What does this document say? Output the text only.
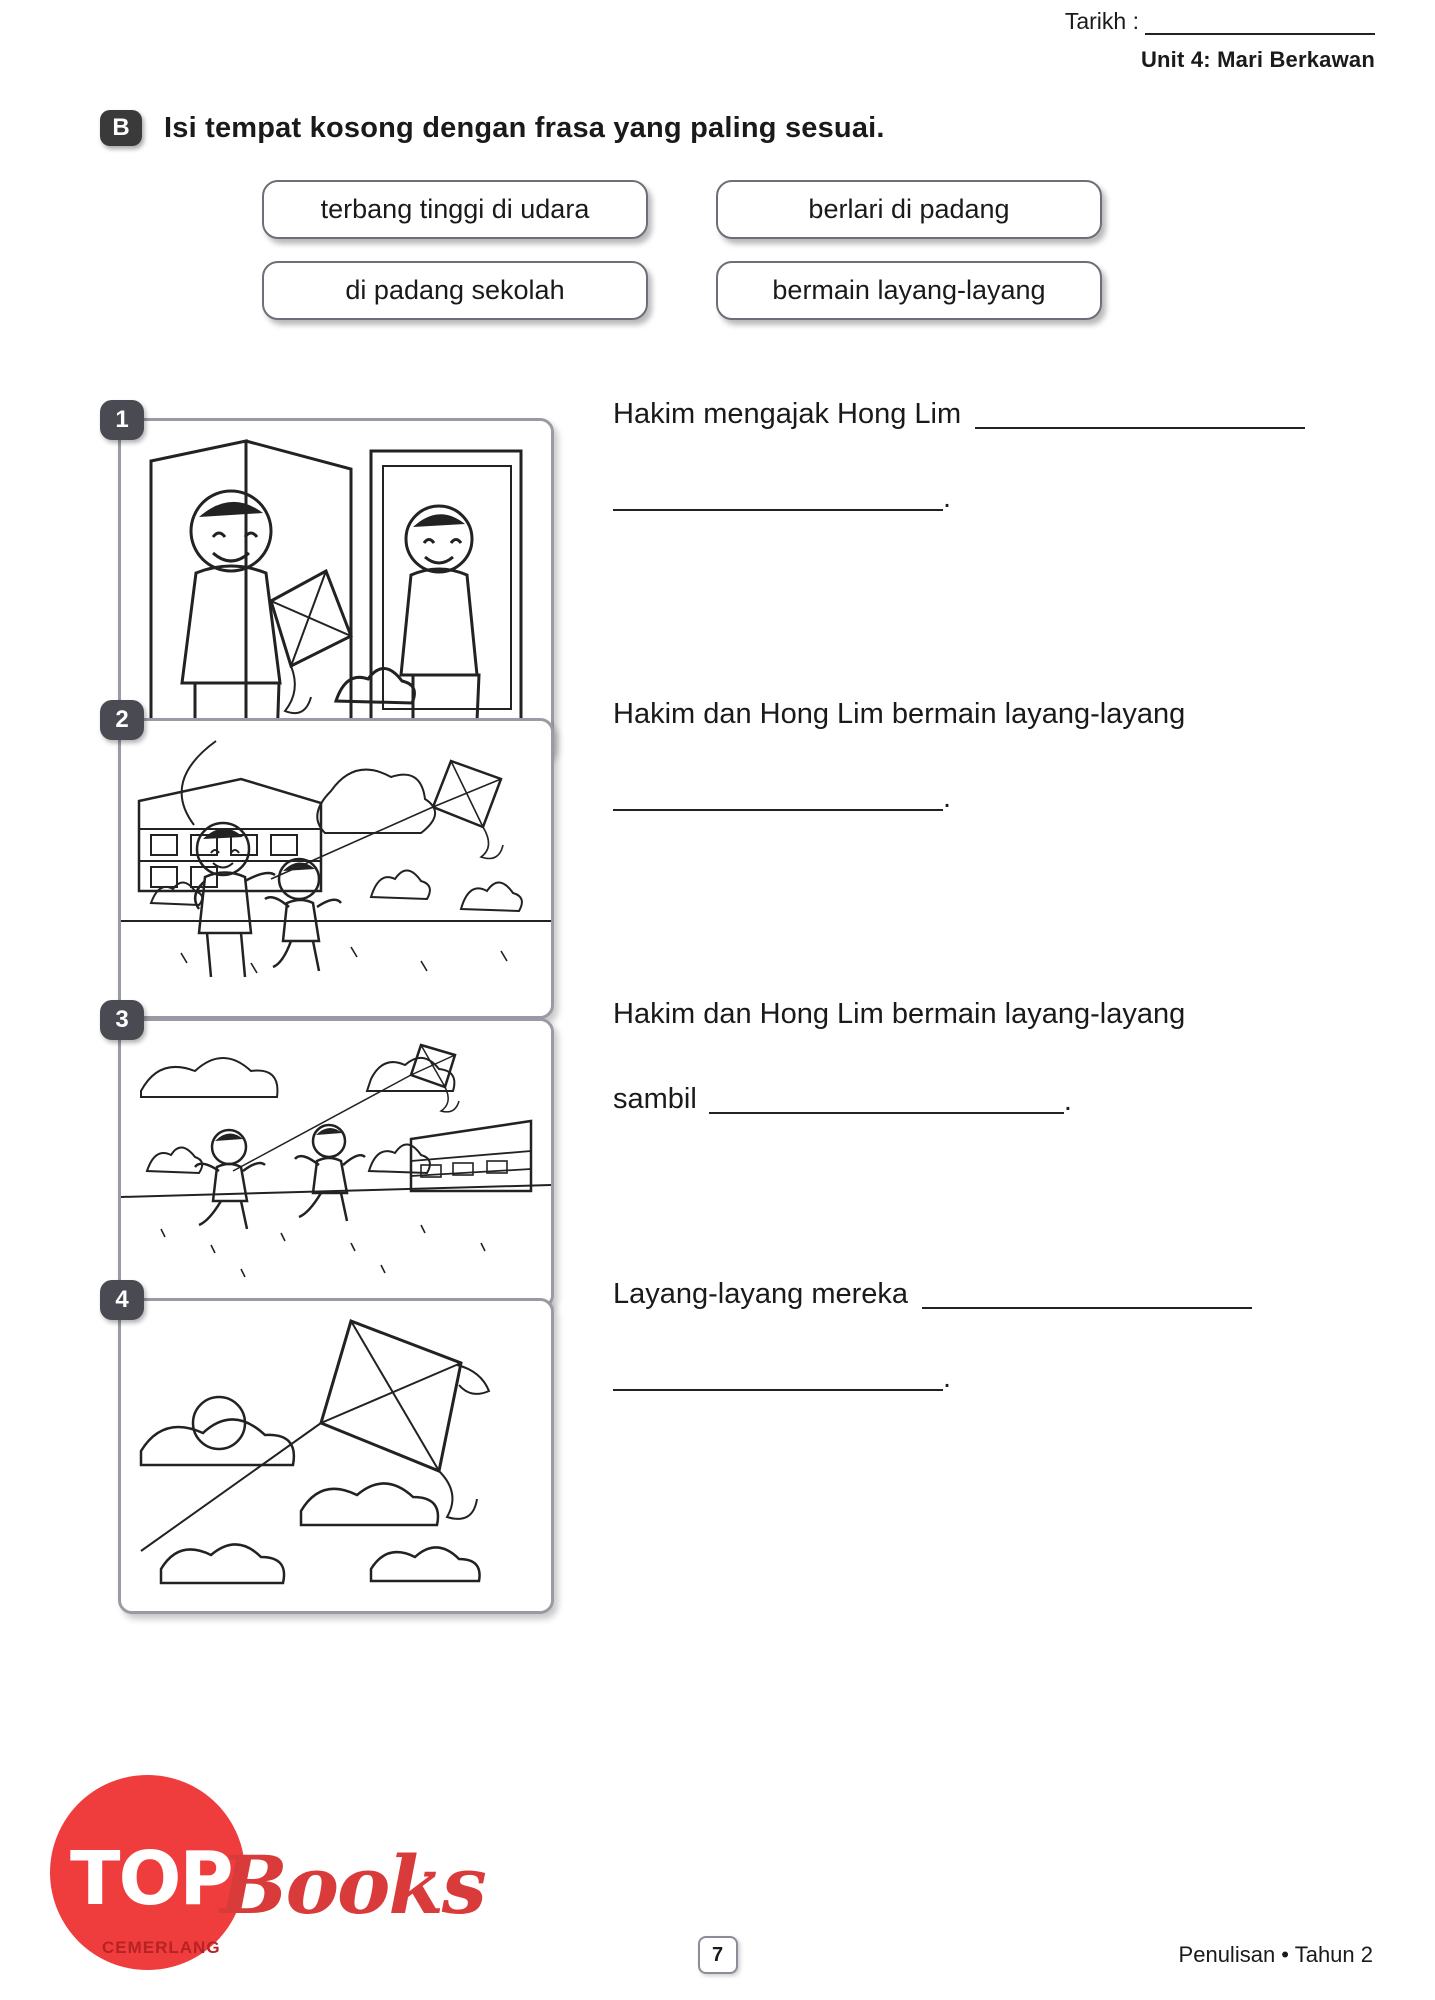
Tarikh :
Unit 4: Mari Berkawan
B	Isi tempat kosong dengan frasa yang paling sesuai.
terbang tinggi di udara	berlari di padang
di padang sekolah	bermain layang-layang
1	Hakim mengajak Hong Lim
.
2	Hakim dan Hong Lim bermain layang-layang
.
3	Hakim dan Hong Lim bermain layang-layang
sambil	.
4	Layang-layang mereka
.
TOP
Books
CEMERLANG	7	Penulisan • Tahun 2
